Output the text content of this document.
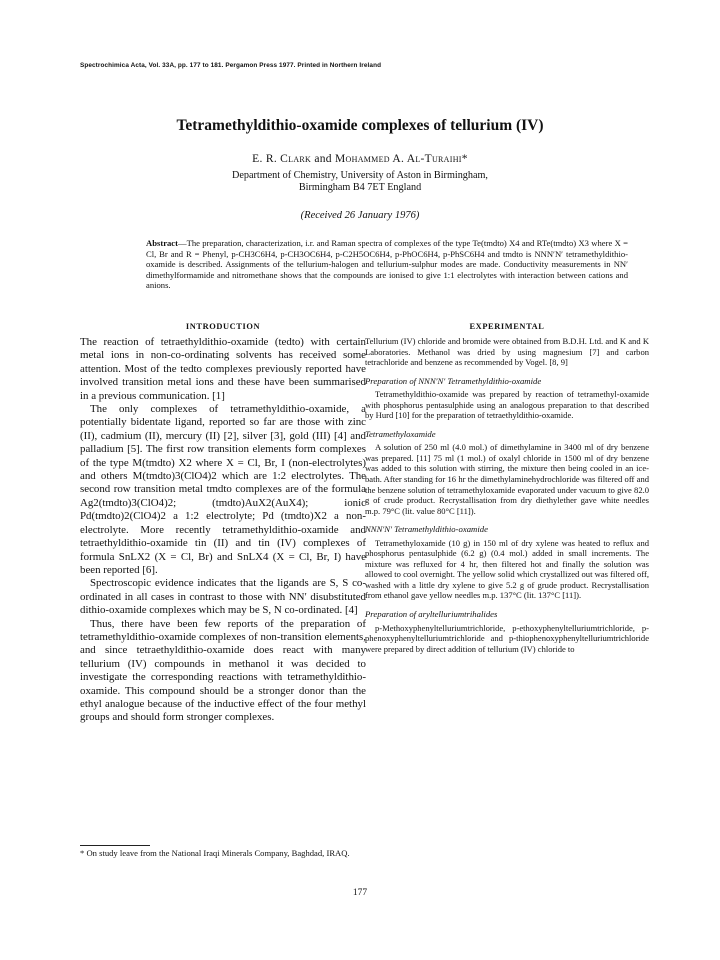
Spectrochimica Acta, Vol. 33A, pp. 177 to 181. Pergamon Press 1977. Printed in Northern Ireland
Tetramethyldithio-oxamide complexes of tellurium (IV)
E. R. Clark and Mohammed A. Al-Turaihi*
Department of Chemistry, University of Aston in Birmingham,
Birmingham B4 7ET England
(Received 26 January 1976)
Abstract—The preparation, characterization, i.r. and Raman spectra of complexes of the type Te(tmdto) X4 and RTe(tmdto) X3 where X = Cl, Br and R = Phenyl, p-CH3C6H4, p-CH3OC6H4, p-C2H5OC6H4, p-PhOC6H4, p-PhSC6H4 and tmdto is NNN′N′ tetramethyldithio-oxamide is described. Assignments of the tellurium-halogen and tellurium-sulphur modes are made. Conductivity measurements in NN′ dimethylformamide and nitromethane shows that the compounds are ionised to give 1:1 electrolytes with interaction between cations and anions.
INTRODUCTION

The reaction of tetraethyldithio-oxamide (tedto) with certain metal ions in non-co-ordinating solvents has received some attention. Most of the tedto complexes previously reported have involved transition metal ions and these have been summarised in a previous communication. [1]

The only complexes of tetramethyldithio-oxamide, a potentially bidentate ligand, reported so far are those with zinc (II), cadmium (II), mercury (II) [2], silver [3], gold (III) [4] and palladium [5]. The first row transition elements form complexes of the type M(tmdto) X2 where X = Cl, Br, I (non-electrolytes) and others M(tmdto)3(ClO4)2 which are 1:2 electrolytes. The second row transition metal tmdto complexes are of the formula Ag2(tmdto)3(ClO4)2; (tmdto)AuX2(AuX4); ionic Pd(tmdto)2(ClO4)2 a 1:2 electrolyte; Pd (tmdto)X2 a non-electrolyte. More recently tetramethyldithio-oxamide and tetraethyldithio-oxamide tin (II) and tin (IV) complexes of formula SnLX2 (X = Cl, Br) and SnLX4 (X = Cl, Br, I) have been reported [6].

Spectroscopic evidence indicates that the ligands are S, S co-ordinated in all cases in contrast to those with NN′ disubstituted dithio-oxamide complexes which may be S, N co-ordinated. [4]

Thus, there have been few reports of the preparation of tetramethyldithio-oxamide complexes of non-transition elements, and since tetraethyldithio-oxamide does react with many tellurium (IV) compounds in methanol it was decided to investigate the corresponding reactions with tetramethyldithio-oxamide. This compound should be a stronger donor than the ethyl analogue because of the inductive effect of the four methyl groups and should form stronger complexes.

* On study leave from the National Iraqi Minerals Company, Baghdad, IRAQ.
177
EXPERIMENTAL

Tellurium (IV) chloride and bromide were obtained from B.D.H. Ltd. and K and K Laboratories. Methanol was dried by using magnesium [7] and carbon tetrachloride and benzene as recommended by Vogel. [8, 9]

Preparation of NNN′N′ Tetramethyldithio-oxamide

Tetramethyldithio-oxamide was prepared by reaction of tetramethyl-oxamide with phosphorus pentasulphide using an analogous preparation to that described by Hurd [10] for the preparation of tetraethyldithio-oxamide.

Tetramethyloxamide

A solution of 250 ml (4.0 mol.) of dimethylamine in 3400 ml of dry benzene was prepared. [11] 75 ml (1 mol.) of oxalyl chloride in 1500 ml of dry benzene was added to this solution with stirring, the mixture then being cooled in an ice-bath. After standing for 16 hr the dimethylaminehydrochloride was filtered off and the benzene solution of tetramethyloxamide evaporated under vacuum to give 82.0 g of crude product. Recrystallisation from dry diethylether gave white needles m.p. 79°C (lit. value 80°C [11]).

NNN′N′ Tetramethyldithio-oxamide

Tetramethyloxamide (10 g) in 150 ml of dry xylene was heated to reflux and phosphorus pentasulphide (6.2 g) (0.4 mol.) added in small increments. The mixture was refluxed for 4 hr, then filtered hot and finally the solution was allowed to cool overnight. The yellow solid which crystallized out was filtered off, washed with a little dry xylene to give 5.2 g of grude product. Recrystallisation from ethanol gave yellow needles m.p. 137°C (lit. 137°C [11]).

Preparation of aryltelluriumtrihalides

p-Methoxyphenyltelluriumtrichloride, p-ethoxyphenyltelluriumtrichloride, p-phenoxyphenyltelluriumtrichloride and p-thiophenoxyphenyltelluriumtrichloride were prepared by direct addition of tellurium (IV) chloride to
